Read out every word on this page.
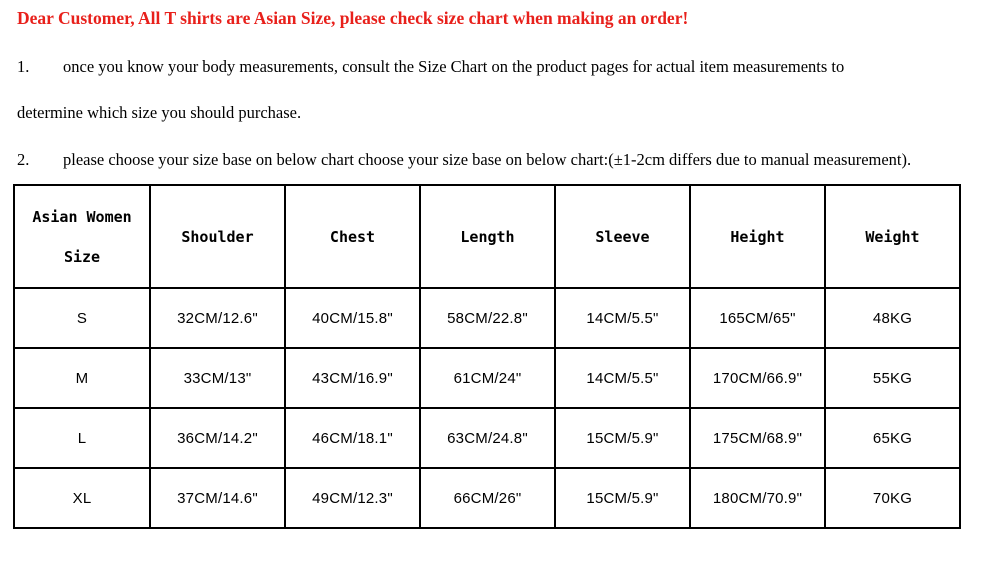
Dear Customer, All T shirts are Asian Size, please check size chart when making an order!
1. once you know your body measurements, consult the Size Chart on the product pages for actual item measurements to
determine which size you should purchase.
2. please choose your size base on below chart choose your size base on below chart:(±1-2cm differs due to manual measurement).
Asian Women
Size	Shoulder	Chest	Length	Sleeve	Height	Weight
S	32CM/12.6"	40CM/15.8"	58CM/22.8"	14CM/5.5"	165CM/65"	48KG
M	33CM/13"	43CM/16.9"	61CM/24"	14CM/5.5"	170CM/66.9"	55KG
L	36CM/14.2"	46CM/18.1"	63CM/24.8"	15CM/5.9"	175CM/68.9"	65KG
XL	37CM/14.6"	49CM/12.3"	66CM/26"	15CM/5.9"	180CM/70.9"	70KG
